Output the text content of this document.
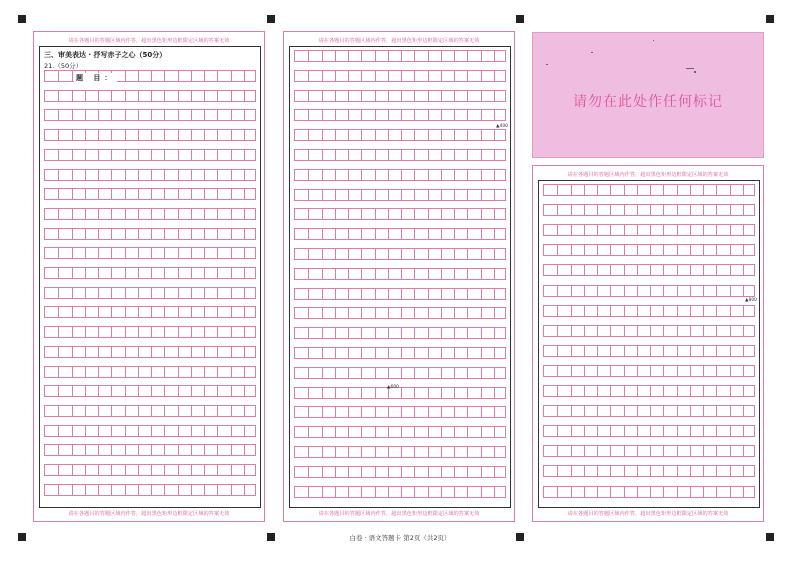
请在各题目的答题区域内作答，超出黑色矩形边框限定区域的答案无效
三、审美表达 · 抒写赤子之心（50分）
21.（50分）
题 目：
请在各题目的答题区域内作答，超出黑色矩形边框限定区域的答案无效
请在各题目的答题区域内作答，超出黑色矩形边框限定区域的答案无效
▲400
▲600
请在各题目的答题区域内作答，超出黑色矩形边框限定区域的答案无效
请勿在此处作任何标记
请在各题目的答题区域内作答，超出黑色矩形边框限定区域的答案无效
▲800
请在各题目的答题区域内作答，超出黑色矩形边框限定区域的答案无效
白卷 · 语文答题卡 第2页（共2页）
